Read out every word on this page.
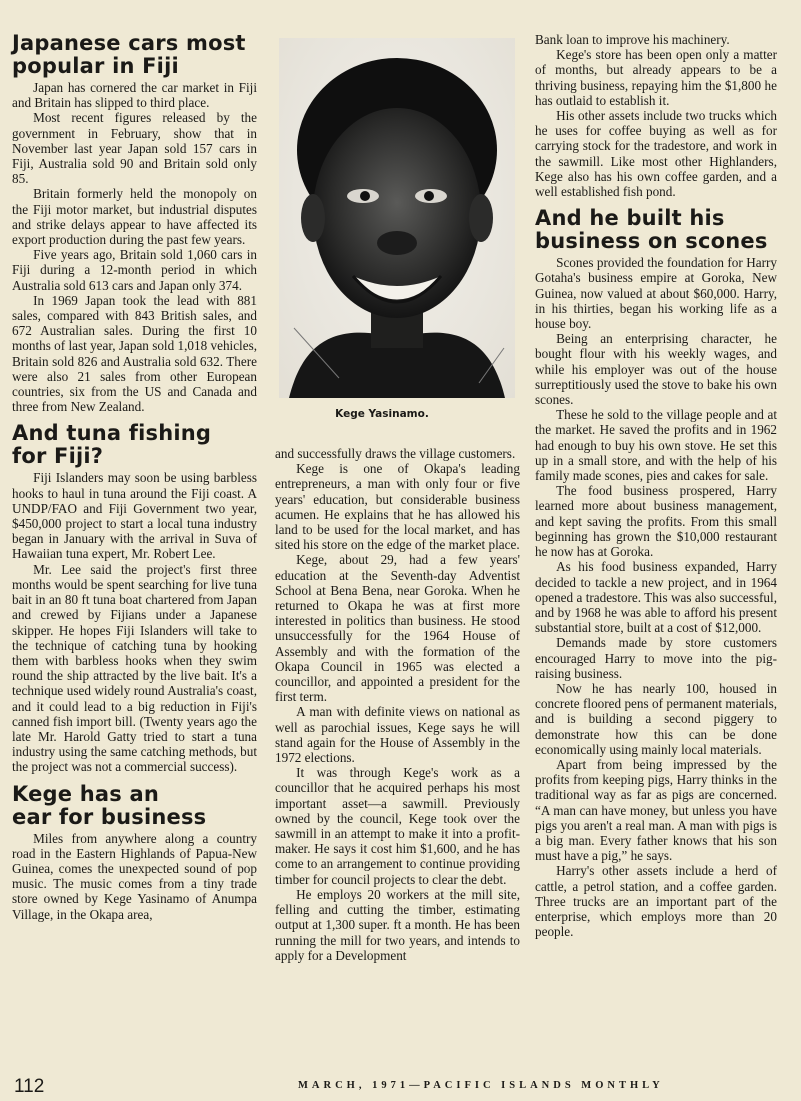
Japanese cars most
popular in Fiji

Japan has cornered the car market in Fiji and Britain has slipped to third place.

Most recent figures released by the government in February, show that in November last year Japan sold 157 cars in Fiji, Australia sold 90 and Britain sold only 85.

Britain formerly held the monopoly on the Fiji motor market, but industrial disputes and strike delays appear to have affected its export production during the past few years.

Five years ago, Britain sold 1,060 cars in Fiji during a 12-month period in which Australia sold 613 cars and Japan only 374.

In 1969 Japan took the lead with 881 sales, compared with 843 British sales, and 672 Australian sales. During the first 10 months of last year, Japan sold 1,018 vehicles, Britain sold 826 and Australia sold 632. There were also 21 sales from other European countries, six from the US and Canada and three from New Zealand.

And tuna fishing
for Fiji?

Fiji Islanders may soon be using barbless hooks to haul in tuna around the Fiji coast. A UNDP/FAO and Fiji Government two year, $450,000 project to start a local tuna industry began in January with the arrival in Suva of Hawaiian tuna expert, Mr. Robert Lee.

Mr. Lee said the project's first three months would be spent searching for live tuna bait in an 80 ft tuna boat chartered from Japan and crewed by Fijians under a Japanese skipper. He hopes Fiji Islanders will take to the technique of catching tuna by hooking them with barbless hooks when they swim round the ship attracted by the live bait. It's a technique used widely round Australia's coast, and it could lead to a big reduction in Fiji's canned fish import bill. (Twenty years ago the late Mr. Harold Gatty tried to start a tuna industry using the same catching methods, but the project was not a commercial success).

Kege has an
ear for business

Miles from anywhere along a country road in the Eastern Highlands of Papua-New Guinea, comes the unexpected sound of pop music. The music comes from a tiny trade store owned by Kege Yasinamo of Anumpa Village, in the Okapa area,

Kege Yasinamo.

and successfully draws the village customers.

Kege is one of Okapa's leading entrepreneurs, a man with only four or five years' education, but considerable business acumen. He explains that he has allowed his land to be used for the local market, and has sited his store on the edge of the market place.

Kege, about 29, had a few years' education at the Seventh-day Adventist School at Bena Bena, near Goroka. When he returned to Okapa he was at first more interested in politics than business. He stood unsuccessfully for the 1964 House of Assembly and with the formation of the Okapa Council in 1965 was elected a councillor, and appointed a president for the first term.

A man with definite views on national as well as parochial issues, Kege says he will stand again for the House of Assembly in the 1972 elections.

It was through Kege's work as a councillor that he acquired perhaps his most important asset—a sawmill. Previously owned by the council, Kege took over the sawmill in an attempt to make it into a profit-maker. He says it cost him $1,600, and he has come to an arrangement to continue providing timber for council projects to clear the debt.

He employs 20 workers at the mill site, felling and cutting the timber, estimating output at 1,300 super. ft a month. He has been running the mill for two years, and intends to apply for a Development

Bank loan to improve his machinery.

Kege's store has been open only a matter of months, but already appears to be a thriving business, repaying him the $1,800 he has outlaid to establish it.

His other assets include two trucks which he uses for coffee buying as well as for carrying stock for the tradestore, and work in the sawmill. Like most other Highlanders, Kege also has his own coffee garden, and a well established fish pond.

And he built his
business on scones

Scones provided the foundation for Harry Gotaha's business empire at Goroka, New Guinea, now valued at about $60,000. Harry, in his thirties, began his working life as a house boy.

Being an enterprising character, he bought flour with his weekly wages, and while his employer was out of the house surreptitiously used the stove to bake his own scones.

These he sold to the village people and at the market. He saved the profits and in 1962 had enough to buy his own stove. He set this up in a small store, and with the help of his family made scones, pies and cakes for sale.

The food business prospered, Harry learned more about business management, and kept saving the profits. From this small beginning has grown the $10,000 restaurant he now has at Goroka.

As his food business expanded, Harry decided to tackle a new project, and in 1964 opened a tradestore. This was also successful, and by 1968 he was able to afford his present substantial store, built at a cost of $12,000.

Demands made by store customers encouraged Harry to move into the pig-raising business.

Now he has nearly 100, housed in concrete floored pens of permanent materials, and is building a second piggery to demonstrate how this can be done economically using mainly local materials.

Apart from being impressed by the profits from keeping pigs, Harry thinks in the traditional way as far as pigs are concerned. “A man can have money, but unless you have pigs you aren't a real man. A man with pigs is a big man. Every father knows that his son must have a pig,” he says.

Harry's other assets include a herd of cattle, a petrol station, and a coffee garden. Three trucks are an important part of the enterprise, which employs more than 20 people.

112	MARCH, 1971—PACIFIC ISLANDS MONTHLY
